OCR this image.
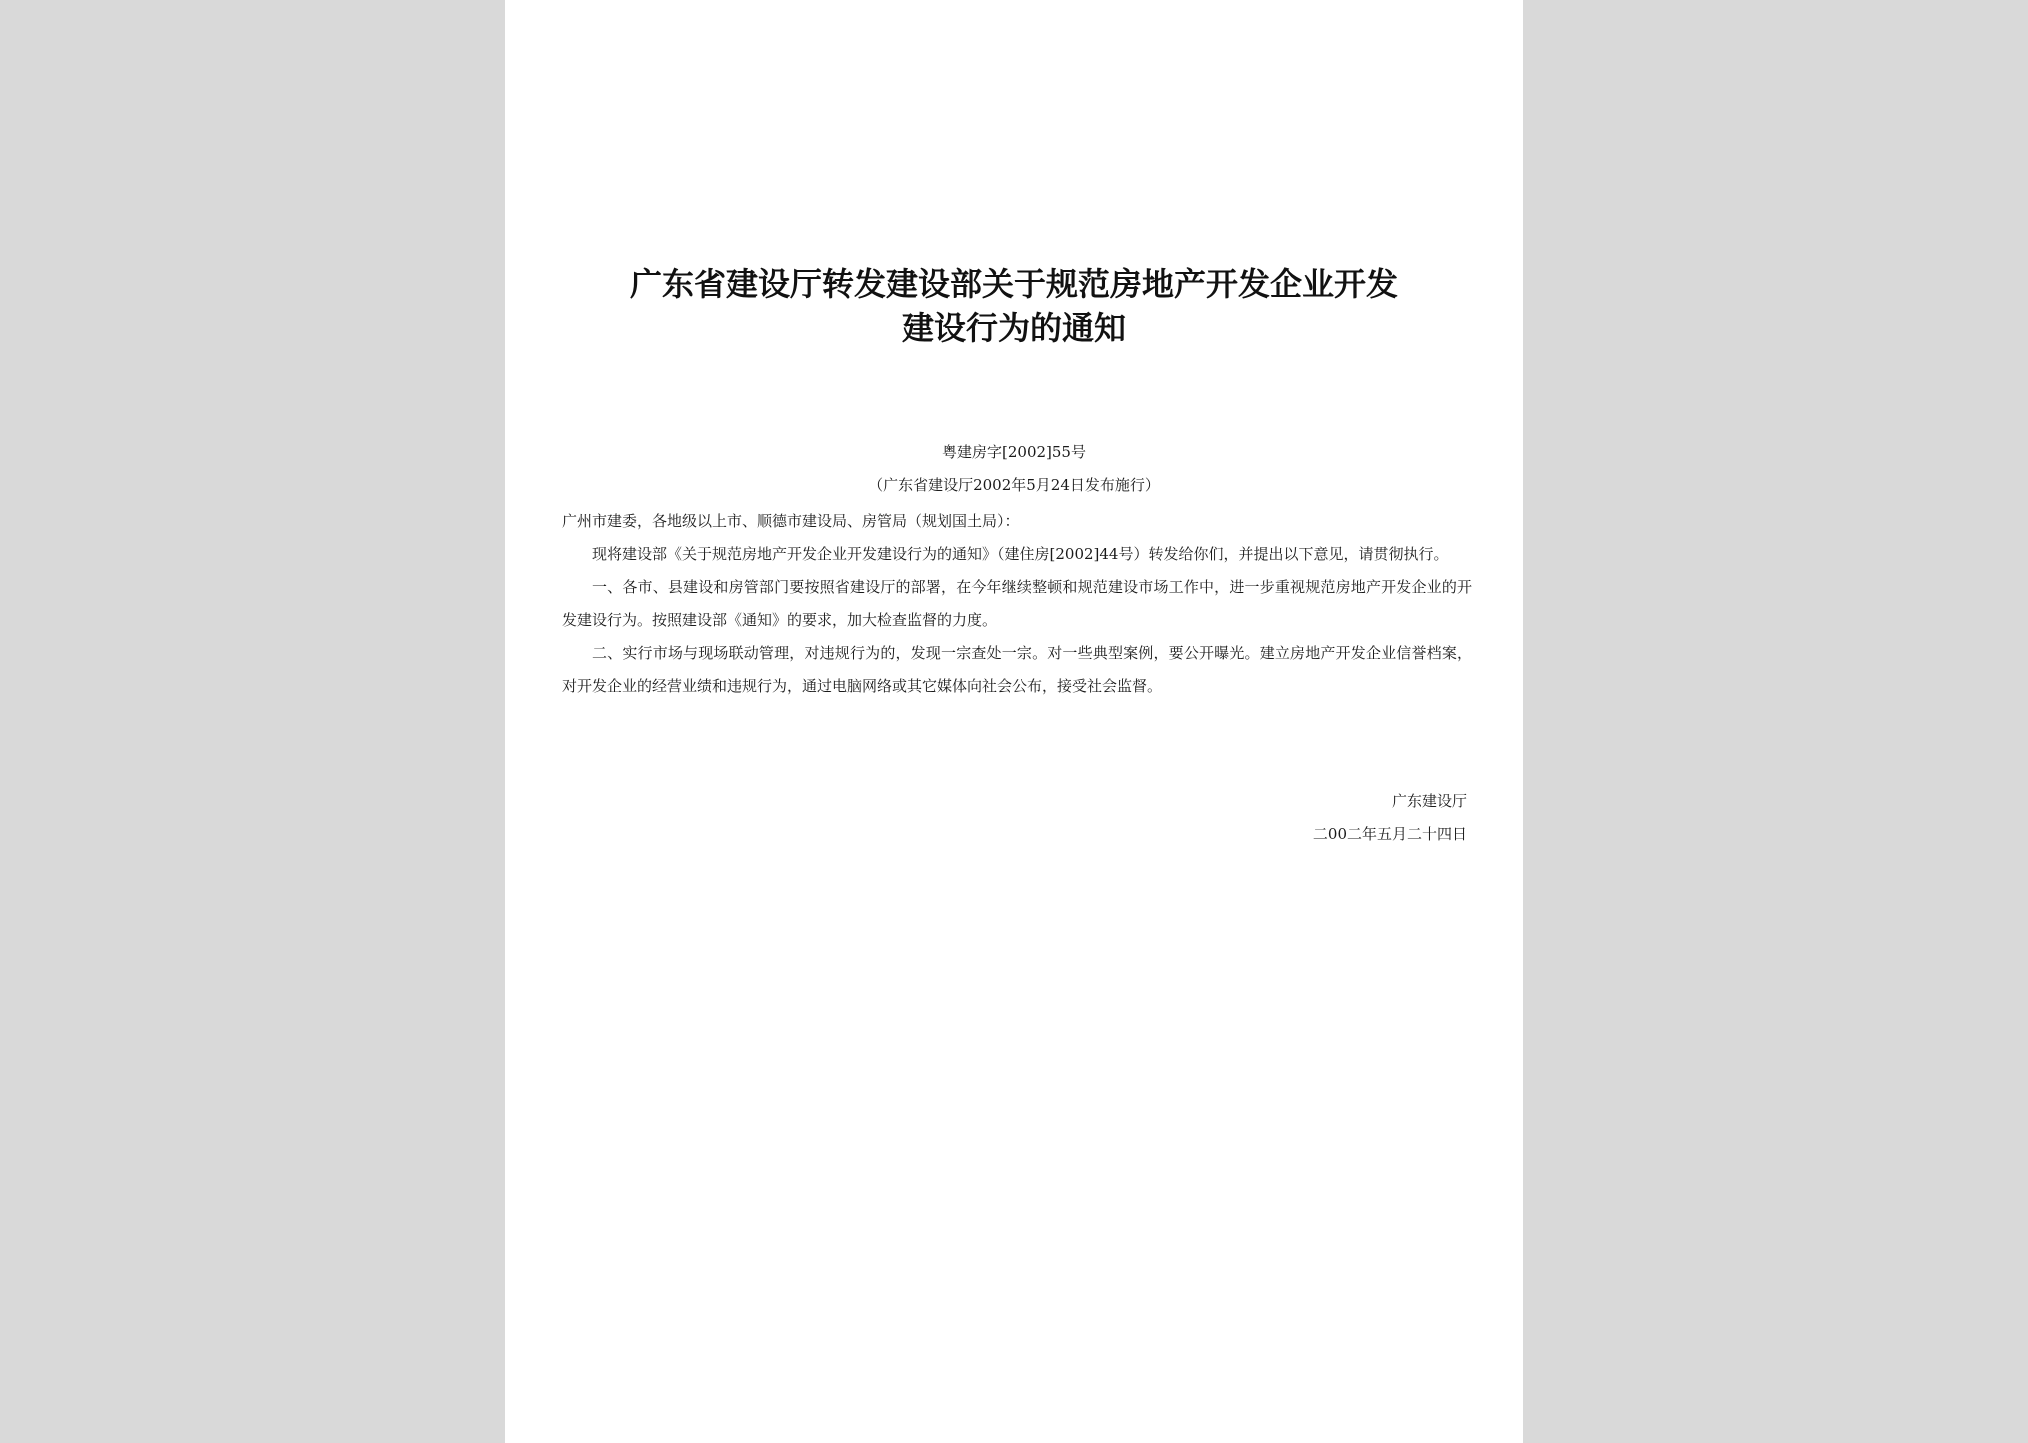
广东省建设厅转发建设部关于规范房地产开发企业开发
建设行为的通知
粤建房字[2002]55号
（广东省建设厅2002年5月24日发布施行）

广州市建委，各地级以上市、顺德市建设局、房管局（规划国土局）：

现将建设部《关于规范房地产开发企业开发建设行为的通知》（建住房[2002]44号）转发给你们，并提出以下意见，请贯彻执行。

一、各市、县建设和房管部门要按照省建设厅的部署，在今年继续整顿和规范建设市场工作中，进一步重视规范房地产开发企业的开发建设行为。按照建设部《通知》的要求，加大检查监督的力度。

二、实行市场与现场联动管理，对违规行为的，发现一宗查处一宗。对一些典型案例，要公开曝光。建立房地产开发企业信誉档案，对开发企业的经营业绩和违规行为，通过电脑网络或其它媒体向社会公布，接受社会监督。

广东建设厅
二00二年五月二十四日
